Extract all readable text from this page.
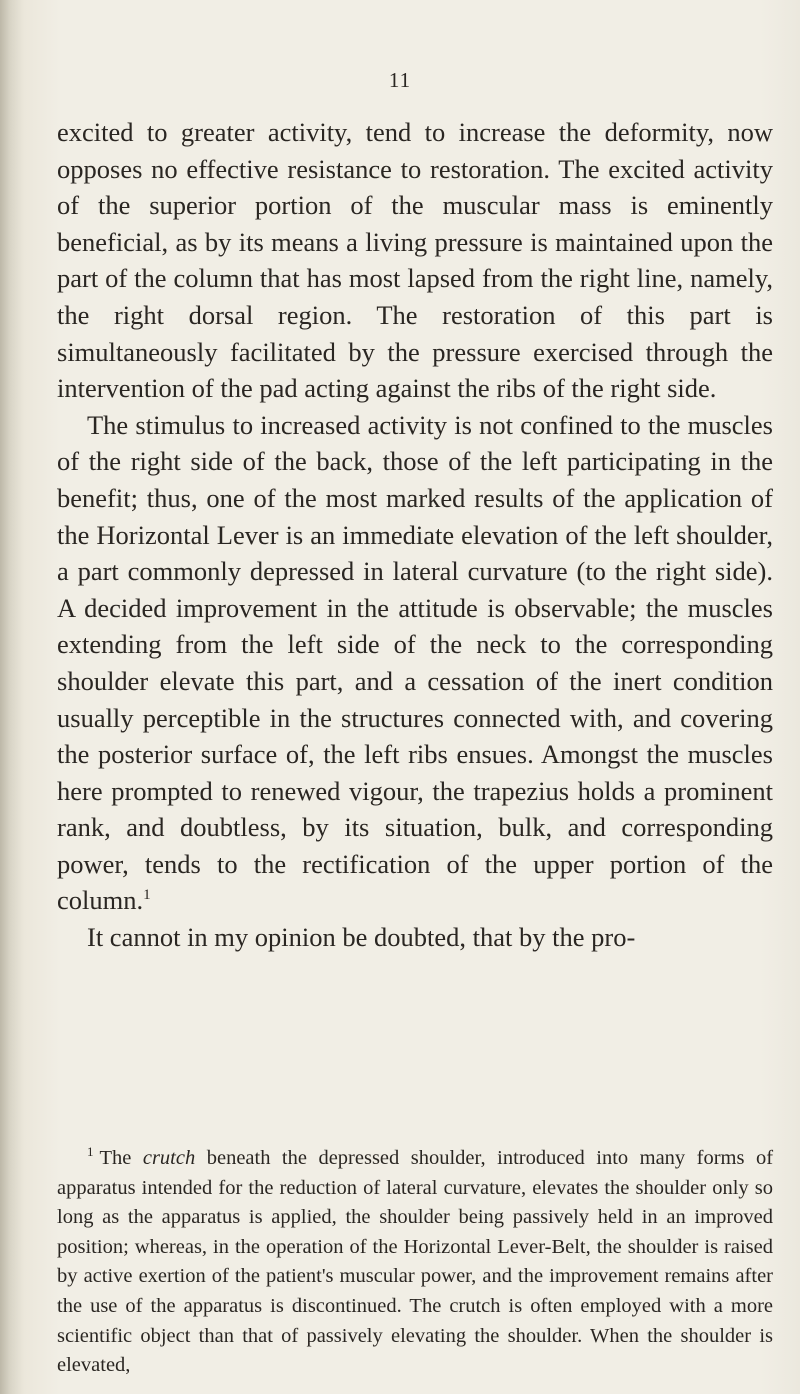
11

excited to greater activity, tend to increase the deformity, now opposes no effective resistance to restoration. The excited activity of the superior portion of the muscular mass is eminently beneficial, as by its means a living pressure is maintained upon the part of the column that has most lapsed from the right line, namely, the right dorsal region. The restoration of this part is simultaneously facilitated by the pressure exercised through the intervention of the pad acting against the ribs of the right side.

The stimulus to increased activity is not confined to the muscles of the right side of the back, those of the left participating in the benefit; thus, one of the most marked results of the application of the Horizontal Lever is an immediate elevation of the left shoulder, a part commonly depressed in lateral curvature (to the right side). A decided improvement in the attitude is observable; the muscles extending from the left side of the neck to the corresponding shoulder elevate this part, and a cessation of the inert condition usually perceptible in the structures connected with, and covering the posterior surface of, the left ribs ensues. Amongst the muscles here prompted to renewed vigour, the trapezius holds a prominent rank, and doubtless, by its situation, bulk, and corresponding power, tends to the rectification of the upper portion of the column.$^1$

It cannot in my opinion be doubted, that by the pro-

$^1$ The crutch beneath the depressed shoulder, introduced into many forms of apparatus intended for the reduction of lateral curvature, elevates the shoulder only so long as the apparatus is applied, the shoulder being passively held in an improved position; whereas, in the operation of the Horizontal Lever-Belt, the shoulder is raised by active exertion of the patient's muscular power, and the improvement remains after the use of the apparatus is discontinued. The crutch is often employed with a more scientific object than that of passively elevating the shoulder. When the shoulder is elevated,
